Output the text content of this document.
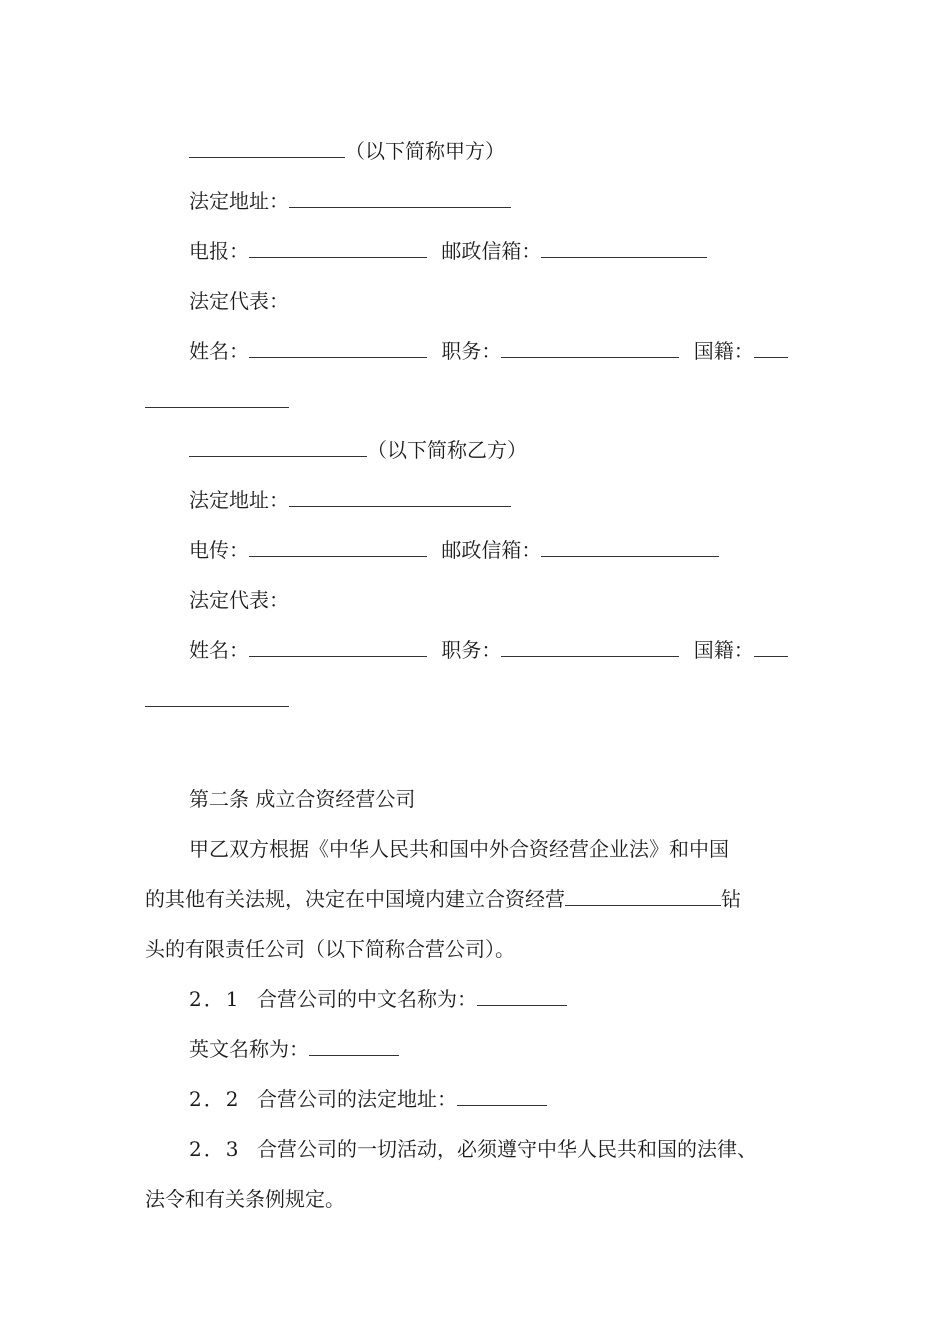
（以下简称甲方）
法定地址：
电报：	邮政信箱：
法定代表：
姓名：	职务：	国籍：
（以下简称乙方）
法定地址：
电传：	邮政信箱：
法定代表：
姓名：	职务：	国籍：
第二条 成立合资经营公司
甲乙双方根据《中华人民共和国中外合资经营企业法》和中国
的其他有关法规，决定在中国境内建立合资经营	钻
头的有限责任公司（以下简称合营公司）。
2．1 合营公司的中文名称为：
英文名称为：
2．2 合营公司的法定地址：
2．3 合营公司的一切活动，必须遵守中华人民共和国的法律、
法令和有关条例规定。
